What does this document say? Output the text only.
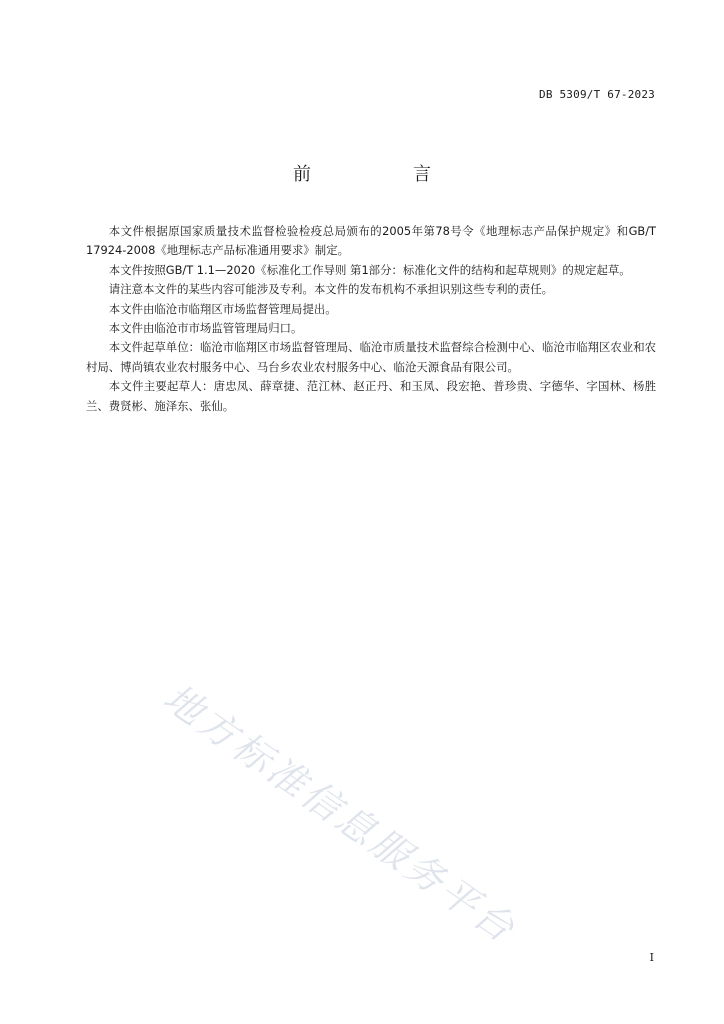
DB 5309/T 67-2023
前　言

本文件根据原国家质量技术监督检验检疫总局颁布的2005年第78号令《地理标志产品保护规定》和GB/T 17924-2008《地理标志产品标准通用要求》制定。

本文件按照GB/T 1.1—2020《标准化工作导则 第1部分：标准化文件的结构和起草规则》的规定起草。

请注意本文件的某些内容可能涉及专利。本文件的发布机构不承担识别这些专利的责任。

本文件由临沧市临翔区市场监督管理局提出。

本文件由临沧市市场监管管理局归口。

本文件起草单位：临沧市临翔区市场监督管理局、临沧市质量技术监督综合检测中心、临沧市临翔区农业和农村局、博尚镇农业农村服务中心、马台乡农业农村服务中心、临沧天源食品有限公司。

本文件主要起草人：唐忠凤、薛章捷、范江林、赵正丹、和玉凤、段宏艳、普珍贵、字德华、字国林、杨胜兰、费贤彬、施泽东、张仙。

地方标准信息服务平台
I
